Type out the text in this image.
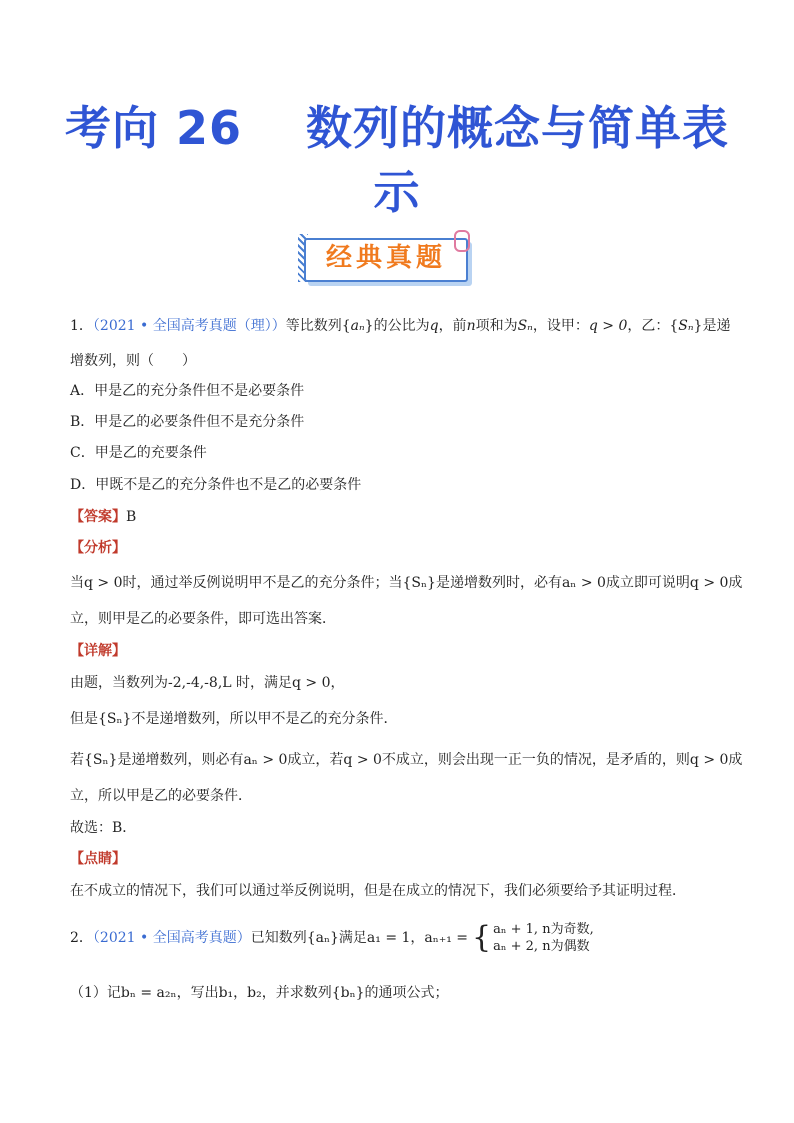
考向 26　 数列的概念与简单表
示
经典真题
1．（2021 • 全国高考真题（理））等比数列{aₙ}的公比为q，前n项和为Sₙ，设甲：q > 0，乙：{Sₙ}是递
增数列，则（　　）
A．甲是乙的充分条件但不是必要条件
B．甲是乙的必要条件但不是充分条件
C．甲是乙的充要条件
D．甲既不是乙的充分条件也不是乙的必要条件
【答案】B
【分析】
当q > 0时，通过举反例说明甲不是乙的充分条件；当{Sₙ}是递增数列时，必有aₙ > 0成立即可说明q > 0成
立，则甲是乙的必要条件，即可选出答案．
【详解】
由题，当数列为-2,-4,-8,L 时，满足q > 0，
但是{Sₙ}不是递增数列，所以甲不是乙的充分条件．
若{Sₙ}是递增数列，则必有aₙ > 0成立，若q > 0不成立，则会出现一正一负的情况，是矛盾的，则q > 0成
立，所以甲是乙的必要条件．
故选：B．
【点睛】
在不成立的情况下，我们可以通过举反例说明，但是在成立的情况下，我们必须要给予其证明过程．
2．（2021 • 全国高考真题）已知数列{aₙ}满足a₁ = 1，aₙ₊₁ = { aₙ + 1, n为奇数,
aₙ + 2, n为偶数
（1）记bₙ = a₂ₙ，写出b₁，b₂，并求数列{bₙ}的通项公式；
